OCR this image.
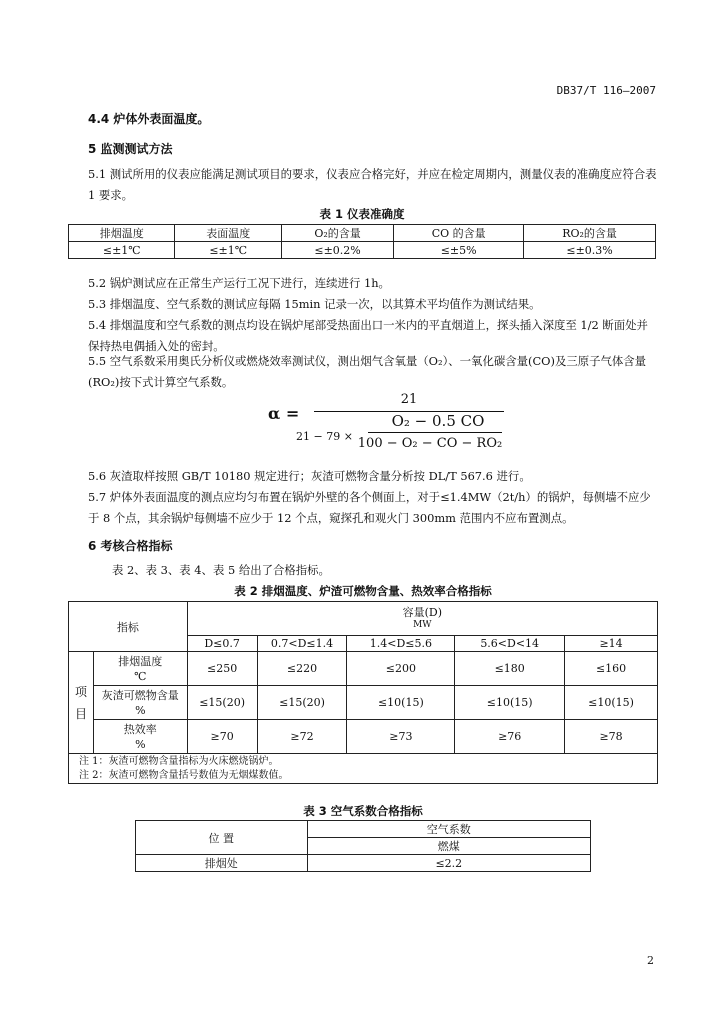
DB37/T 116—2007
4.4 炉体外表面温度。
5 监测测试方法
5.1 测试所用的仪表应能满足测试项目的要求，仪表应合格完好，并应在检定周期内，测量仪表的准确度应符合表 1 要求。
表 1 仪表准确度
排烟温度	表面温度	O₂的含量	CO 的含量	RO₂的含量
≤±1℃	≤±1℃	≤±0.2%	≤±5%	≤±0.3%
5.2 锅炉测试应在正常生产运行工况下进行，连续进行 1h。
5.3 排烟温度、空气系数的测试应每隔 15min 记录一次，以其算术平均值作为测试结果。
5.4 排烟温度和空气系数的测点均设在锅炉尾部受热面出口一米内的平直烟道上，探头插入深度至 1/2 断面处并保持热电偶插入处的密封。
5.5 空气系数采用奥氏分析仪或燃烧效率测试仪，测出烟气含氧量（O₂）、一氧化碳含量(CO)及三原子气体含量(RO₂)按下式计算空气系数。
α =
21
21 − 79 ×
O₂ − 0.5 CO
100 − O₂ − CO − RO₂
5.6 灰渣取样按照 GB/T 10180 规定进行；灰渣可燃物含量分析按 DL/T 567.6 进行。
5.7 炉体外表面温度的测点应均匀布置在锅炉外壁的各个侧面上，对于≤1.4MW（2t/h）的锅炉，每侧墙不应少于 8 个点，其余锅炉每侧墙不应少于 12 个点，窥探孔和观火门 300mm 范围内不应布置测点。
6 考核合格指标
表 2、表 3、表 4、表 5 给出了合格指标。
表 2 排烟温度、炉渣可燃物含量、热效率合格指标
指标		容量(D)
MW				

		D≤0.7	0.7<D≤1.4	1.4<D≤5.6	5.6<D<14	≥14

项目	排烟温度
℃	≤250	≤220	≤200	≤180	≤160

	灰渣可燃物含量
%	≤15(20)	≤15(20)	≤10(15)	≤10(15)	≤10(15)

	热效率
%	≥70	≥72	≥73	≥76	≥78

注 1：灰渣可燃物含量指标为火床燃烧锅炉。
注 2：灰渣可燃物含量括号数值为无烟煤数值。						
表 3 空气系数合格指标
位 置	空气系数
	燃煤
排烟处	≤2.2
2
